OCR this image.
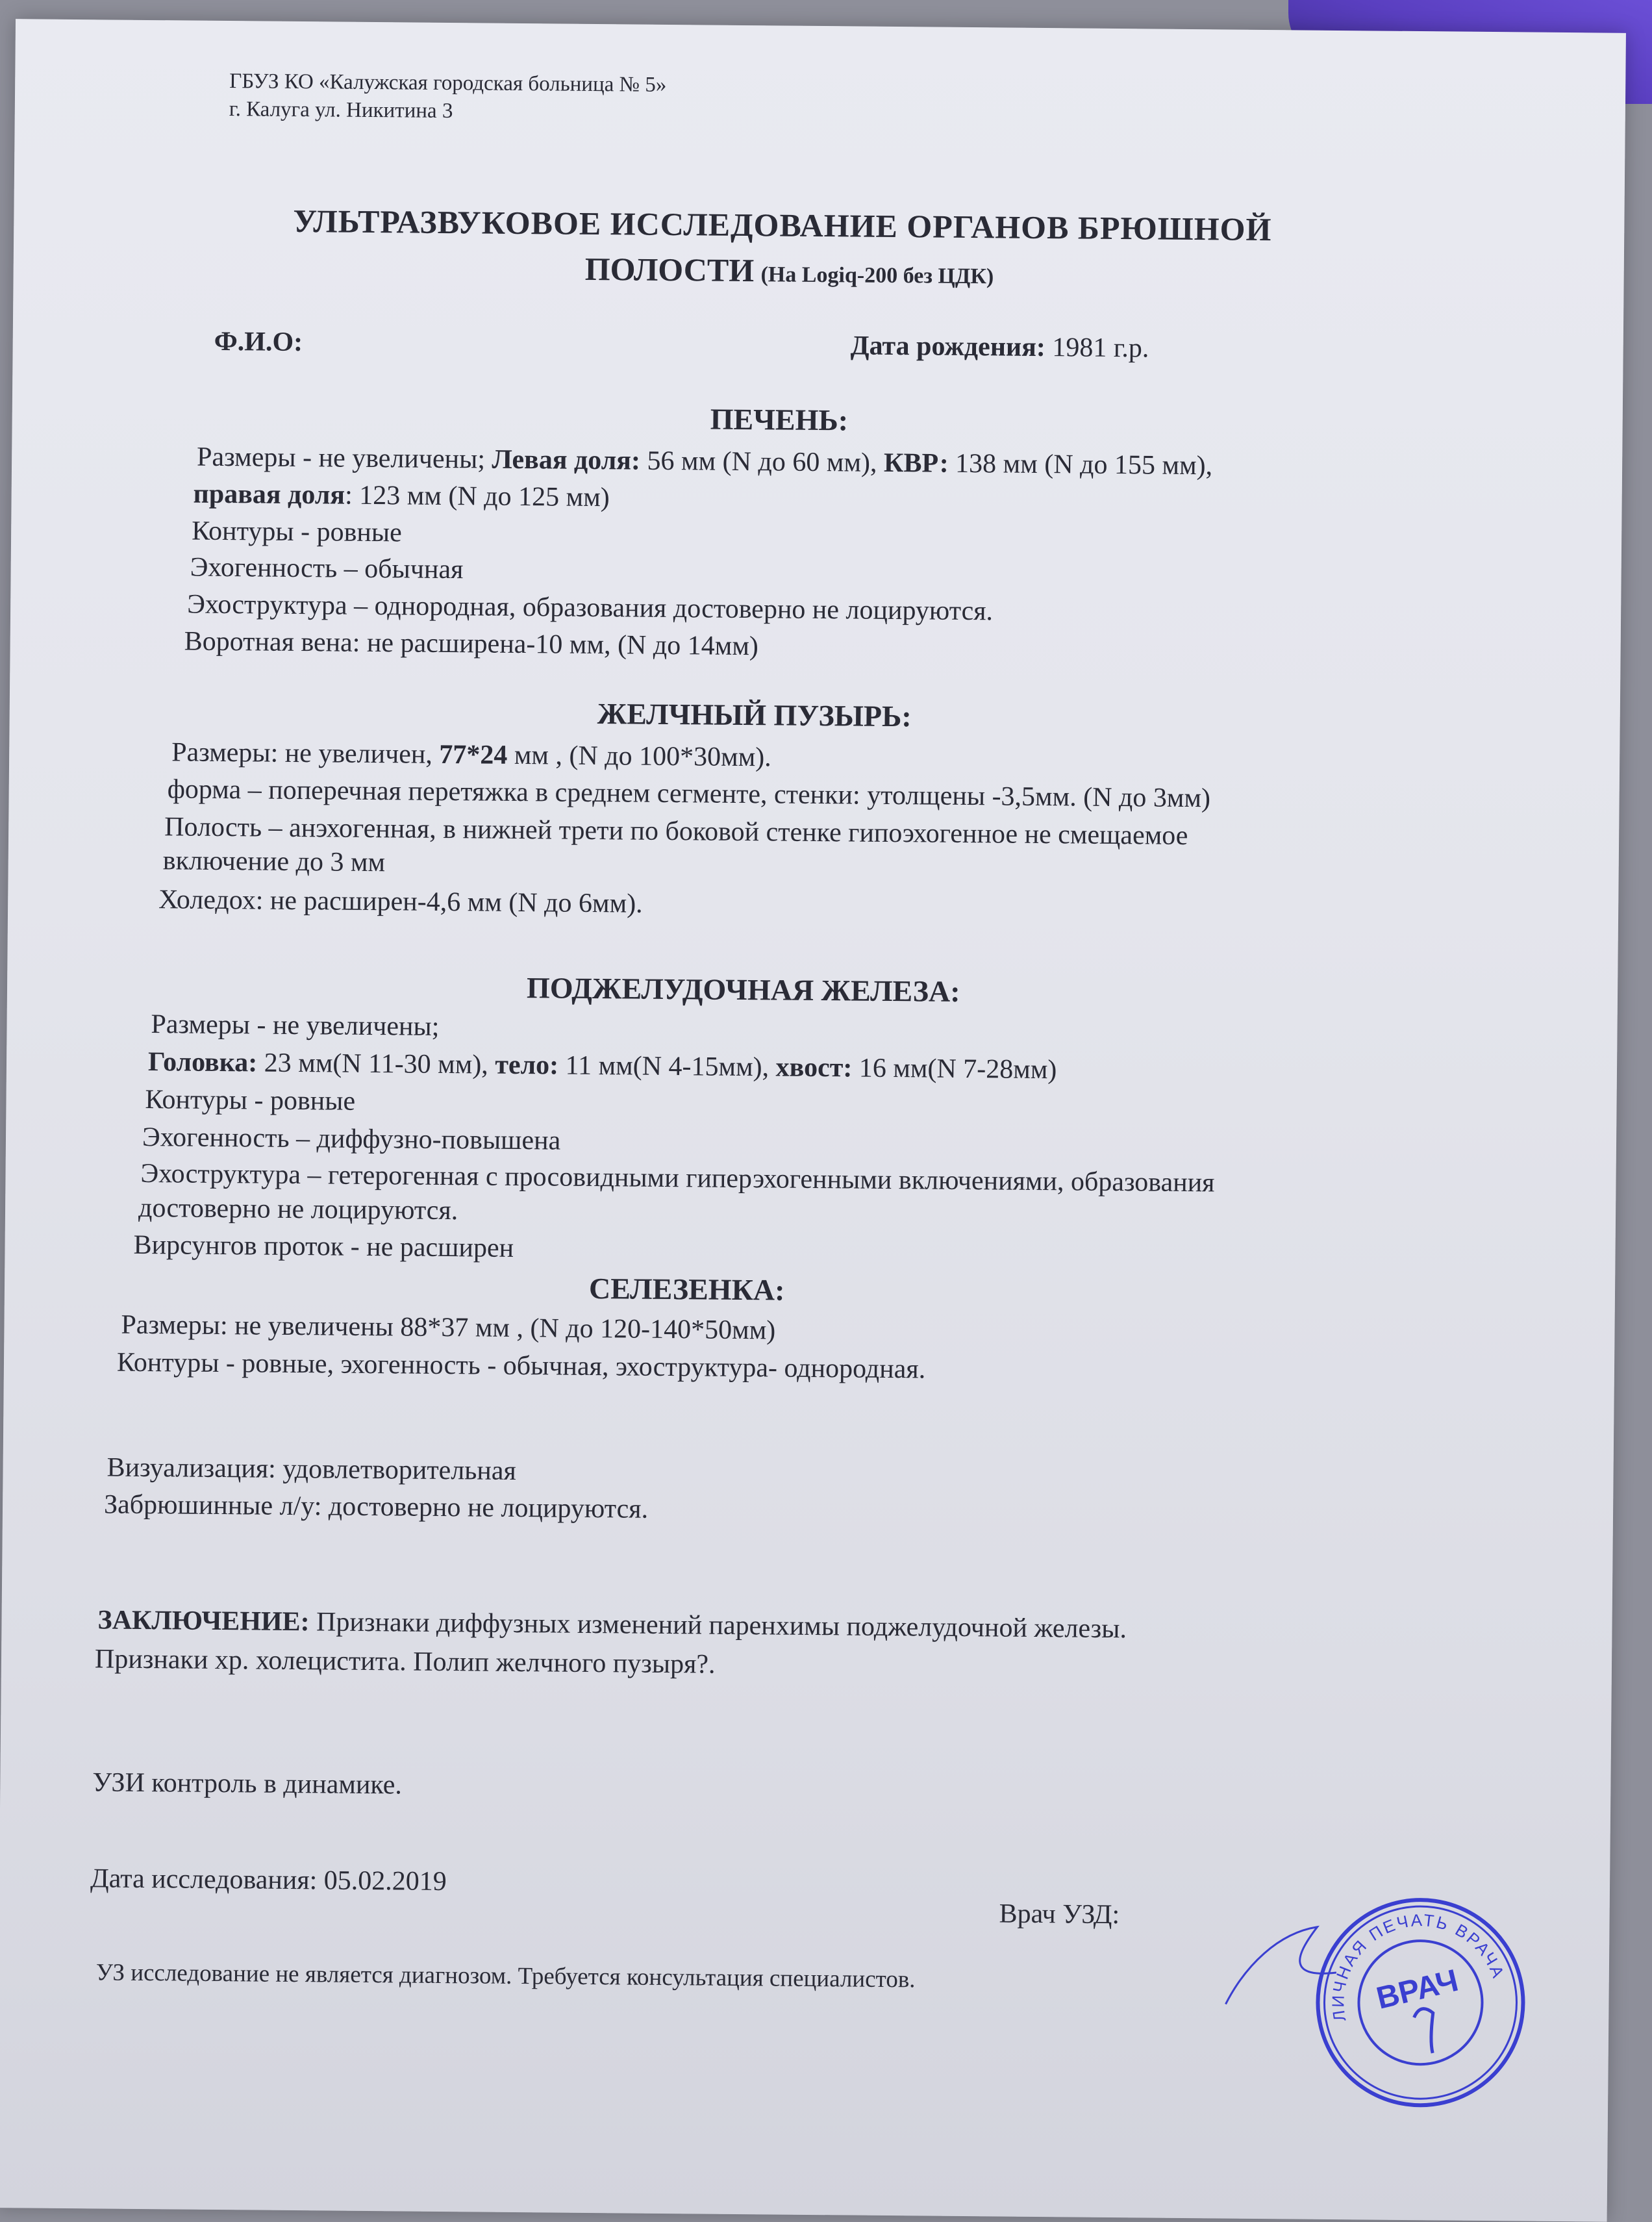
ГБУЗ КО «Калужская городская больница № 5»
г. Калуга ул. Никитина 3
УЛЬТРАЗВУКОВОЕ ИССЛЕДОВАНИЕ ОРГАНОВ БРЮШНОЙ
ПОЛОСТИ (На Logiq-200 без ЦДК)
Ф.И.О:	Дата рождения: 1981 г.р.
ПЕЧЕНЬ:
Размеры - не увеличены; Левая доля: 56 мм (N до 60 мм), КВР: 138 мм (N до 155 мм),
правая доля: 123 мм (N до 125 мм)
Контуры - ровные
Эхогенность – обычная
Эхоструктура – однородная, образования достоверно не лоцируются.
Воротная вена: не расширена-10 мм, (N до 14мм)
ЖЕЛЧНЫЙ ПУЗЫРЬ:
Размеры: не увеличен, 77*24 мм , (N до 100*30мм).
форма – поперечная перетяжка в среднем сегменте, стенки: утолщены -3,5мм. (N до 3мм)
Полость – анэхогенная, в нижней трети по боковой стенке гипоэхогенное не смещаемое
включение до 3 мм
Холедох: не расширен-4,6 мм (N до 6мм).
ПОДЖЕЛУДОЧНАЯ ЖЕЛЕЗА:
Размеры - не увеличены;
Головка: 23 мм(N 11-30 мм), тело: 11 мм(N 4-15мм), хвост: 16 мм(N 7-28мм)
Контуры - ровные
Эхогенность – диффузно-повышена
Эхоструктура – гетерогенная с просовидными гиперэхогенными включениями, образования
достоверно не лоцируются.
Вирсунгов проток - не расширен
СЕЛЕЗЕНКА:
Размеры: не увеличены 88*37 мм , (N до 120-140*50мм)
Контуры - ровные, эхогенность - обычная, эхоструктура- однородная.
Визуализация: удовлетворительная
Забрюшинные л/у: достоверно не лоцируются.
ЗАКЛЮЧЕНИЕ: Признаки диффузных изменений паренхимы поджелудочной железы.
Признаки хр. холецистита. Полип желчного пузыря?.
УЗИ контроль в динамике.
Дата исследования: 05.02.2019
Врач УЗД:
УЗ исследование не является диагнозом. Требуется консультация специалистов.
ЛИЧНАЯ ПЕЧАТЬ ВРАЧА
ВРАЧ
